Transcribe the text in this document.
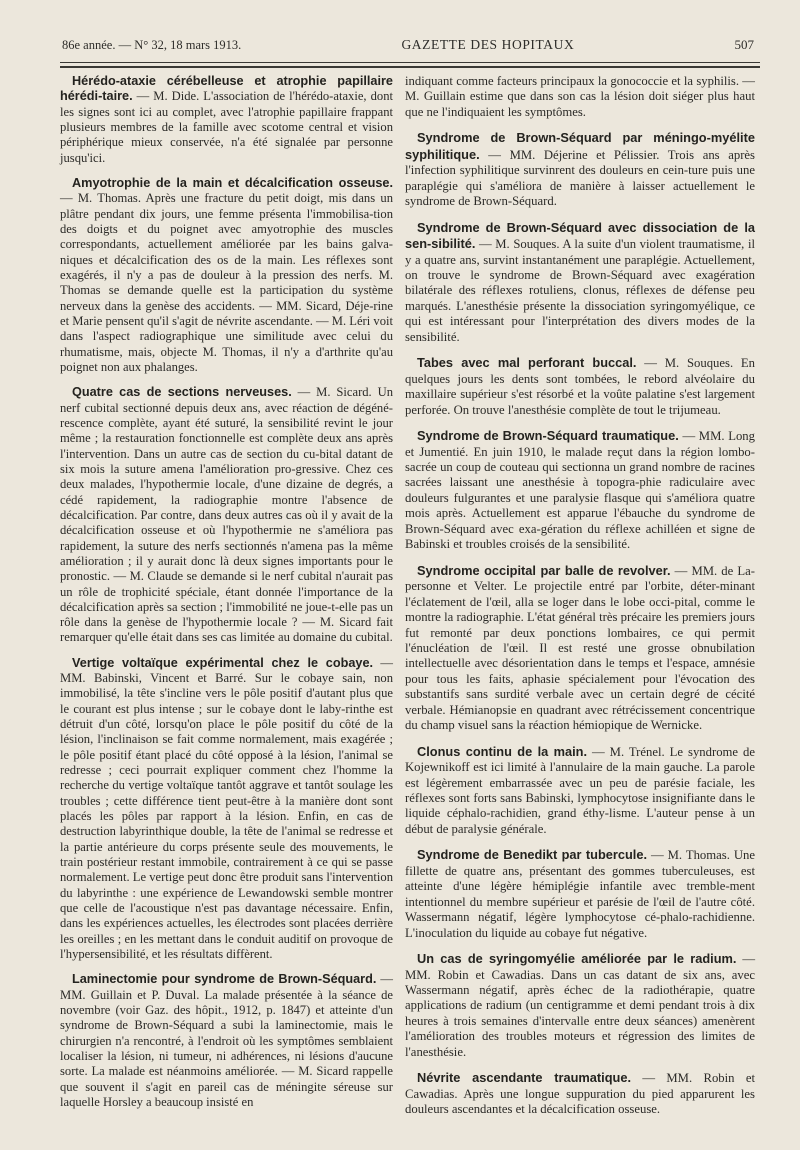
86e année. — N° 32, 18 mars 1913.	GAZETTE DES HOPITAUX	507

Hérédo-ataxie cérébelleuse et atrophie papillaire hérédi-taire. — M. Dide. L'association de l'hérédo-ataxie, dont les signes sont ici au complet, avec l'atrophie papillaire frappant plusieurs membres de la famille avec scotome central et vision périphérique mieux conservée, n'a été signalée par personne jusqu'ici.

Amyotrophie de la main et décalcification osseuse. — M. Thomas. Après une fracture du petit doigt, mis dans un plâtre pendant dix jours, une femme présenta l'immobilisa-tion des doigts et du poignet avec amyotrophie des muscles correspondants, actuellement améliorée par les bains galva-niques et décalcification des os de la main. Les réflexes sont exagérés, il n'y a pas de douleur à la pression des nerfs. M. Thomas se demande quelle est la participation du système nerveux dans la genèse des accidents. — MM. Sicard, Déje-rine et Marie pensent qu'il s'agit de névrite ascendante. — M. Léri voit dans l'aspect radiographique une similitude avec celui du rhumatisme, mais, objecte M. Thomas, il n'y a d'arthrite qu'au poignet non aux phalanges.

Quatre cas de sections nerveuses. — M. Sicard. Un nerf cubital sectionné depuis deux ans, avec réaction de dégéné-rescence complète, ayant été suturé, la sensibilité revint le jour même ; la restauration fonctionnelle est complète deux ans après l'intervention. Dans un autre cas de section du cu-bital datant de six mois la suture amena l'amélioration pro-gressive. Chez ces deux malades, l'hypothermie locale, d'une dizaine de degrés, a cédé rapidement, la radiographie montre l'absence de décalcification. Par contre, dans deux autres cas où il y avait de la décalcification osseuse et où l'hypothermie ne s'améliora pas rapidement, la suture des nerfs sectionnés n'amena pas la même amélioration ; il y aurait donc là deux signes importants pour le pronostic. — M. Claude se demande si le nerf cubital n'aurait pas un rôle de trophicité spéciale, étant donnée l'importance de la décalcification après sa section ; l'immobilité ne joue-t-elle pas un rôle dans la genèse de l'hypothermie locale ? — M. Sicard fait remarquer qu'elle était dans ses cas limitée au domaine du cubital.

Vertige voltaïque expérimental chez le cobaye. — MM. Babinski, Vincent et Barré. Sur le cobaye sain, non immobilisé, la tête s'incline vers le pôle positif d'autant plus que le courant est plus intense ; sur le cobaye dont le laby-rinthe est détruit d'un côté, lorsqu'on place le pôle positif du côté de la lésion, l'inclinaison se fait comme normalement, mais exagérée ; le pôle positif étant placé du côté opposé à la lésion, l'animal se redresse ; ceci pourrait expliquer comment chez l'homme la recherche du vertige voltaïque tantôt aggrave et tantôt soulage les troubles ; cette différence tient peut-être à la manière dont sont placés les pôles par rapport à la lésion. Enfin, en cas de destruction labyrinthique double, la tête de l'animal se redresse et la partie antérieure du corps présente seule des mouvements, le train postérieur restant immobile, contrairement à ce qui se passe normalement. Le vertige peut donc être produit sans l'intervention du labyrinthe : une expérience de Lewandowski semble montrer que celle de l'acoustique n'est pas davantage nécessaire. Enfin, dans les expériences actuelles, les électrodes sont placées derrière les oreilles ; en les mettant dans le conduit auditif on provoque de l'hypersensibilité, et les résultats diffèrent.

Laminectomie pour syndrome de Brown-Séquard. — MM. Guillain et P. Duval. La malade présentée à la séance de novembre (voir Gaz. des hôpit., 1912, p. 1847) et atteinte d'un syndrome de Brown-Séquard a subi la laminectomie, mais le chirurgien n'a rencontré, à l'endroit où les symptômes semblaient localiser la lésion, ni tumeur, ni adhérences, ni lésions d'aucune sorte. La malade est néanmoins améliorée. — M. Sicard rappelle que souvent il s'agit en pareil cas de méningite séreuse sur laquelle Horsley a beaucoup insisté en

indiquant comme facteurs principaux la gonococcie et la syphilis. — M. Guillain estime que dans son cas la lésion doit siéger plus haut que ne l'indiquaient les symptômes.

Syndrome de Brown-Séquard par méningo-myélite syphilitique. — MM. Déjerine et Pélissier. Trois ans après l'infection syphilitique survinrent des douleurs en cein-ture puis une paraplégie qui s'améliora de manière à laisser actuellement le syndrome de Brown-Séquard.

Syndrome de Brown-Séquard avec dissociation de la sen-sibilité. — M. Souques. A la suite d'un violent traumatisme, il y a quatre ans, survint instantanément une paraplégie. Actuellement, on trouve le syndrome de Brown-Séquard avec exagération bilatérale des réflexes rotuliens, clonus, réflexes de défense peu marqués. L'anesthésie présente la dissociation syringomyélique, ce qui est intéressant pour l'interprétation des divers modes de la sensibilité.

Tabes avec mal perforant buccal. — M. Souques. En quelques jours les dents sont tombées, le rebord alvéolaire du maxillaire supérieur s'est résorbé et la voûte palatine s'est largement perforée. On trouve l'anesthésie complète de tout le trijumeau.

Syndrome de Brown-Séquard traumatique. — MM. Long et Jumentié. En juin 1910, le malade reçut dans la région lombo-sacrée un coup de couteau qui sectionna un grand nombre de racines sacrées laissant une anesthésie à topogra-phie radiculaire avec douleurs fulgurantes et une paralysie flasque qui s'améliora quatre mois après. Actuellement est apparue l'ébauche du syndrome de Brown-Séquard avec exa-gération du réflexe achilléen et signe de Babinski et troubles croisés de la sensibilité.

Syndrome occipital par balle de revolver. — MM. de La-personne et Velter. Le projectile entré par l'orbite, déter-minant l'éclatement de l'œil, alla se loger dans le lobe occi-pital, comme le montre la radiographie. L'état général très précaire les premiers jours fut remonté par deux ponctions lombaires, ce qui permit l'énucléation de l'œil. Il est resté une grosse obnubilation intellectuelle avec désorientation dans le temps et l'espace, amnésie pour tous les faits, aphasie spécialement pour l'évocation des substantifs sans surdité verbale avec un certain degré de cécité verbale. Hémianopsie en quadrant avec rétrécissement concentrique du champ visuel sans la réaction hémiopique de Wernicke.

Clonus continu de la main. — M. Trénel. Le syndrome de Kojewnikoff est ici limité à l'annulaire de la main gauche. La parole est légèrement embarrassée avec un peu de parésie faciale, les réflexes sont forts sans Babinski, lymphocytose insignifiante dans le liquide céphalo-rachidien, grand éthy-lisme. L'auteur pense à un début de paralysie générale.

Syndrome de Benedikt par tubercule. — M. Thomas. Une fillette de quatre ans, présentant des gommes tuberculeuses, est atteinte d'une légère hémiplégie infantile avec tremble-ment intentionnel du membre supérieur et parésie de l'œil de l'autre côté. Wassermann négatif, légère lymphocytose cé-phalo-rachidienne. L'inoculation du liquide au cobaye fut négative.

Un cas de syringomyélie améliorée par le radium. — MM. Robin et Cawadias. Dans un cas datant de six ans, avec Wassermann négatif, après échec de la radiothérapie, quatre applications de radium (un centigramme et demi pendant trois à dix heures à trois semaines d'intervalle entre deux séances) amenèrent l'amélioration des troubles moteurs et régression des limites de l'anesthésie.

Névrite ascendante traumatique. — MM. Robin et Cawadias. Après une longue suppuration du pied apparurent les douleurs ascendantes et la décalcification osseuse.
